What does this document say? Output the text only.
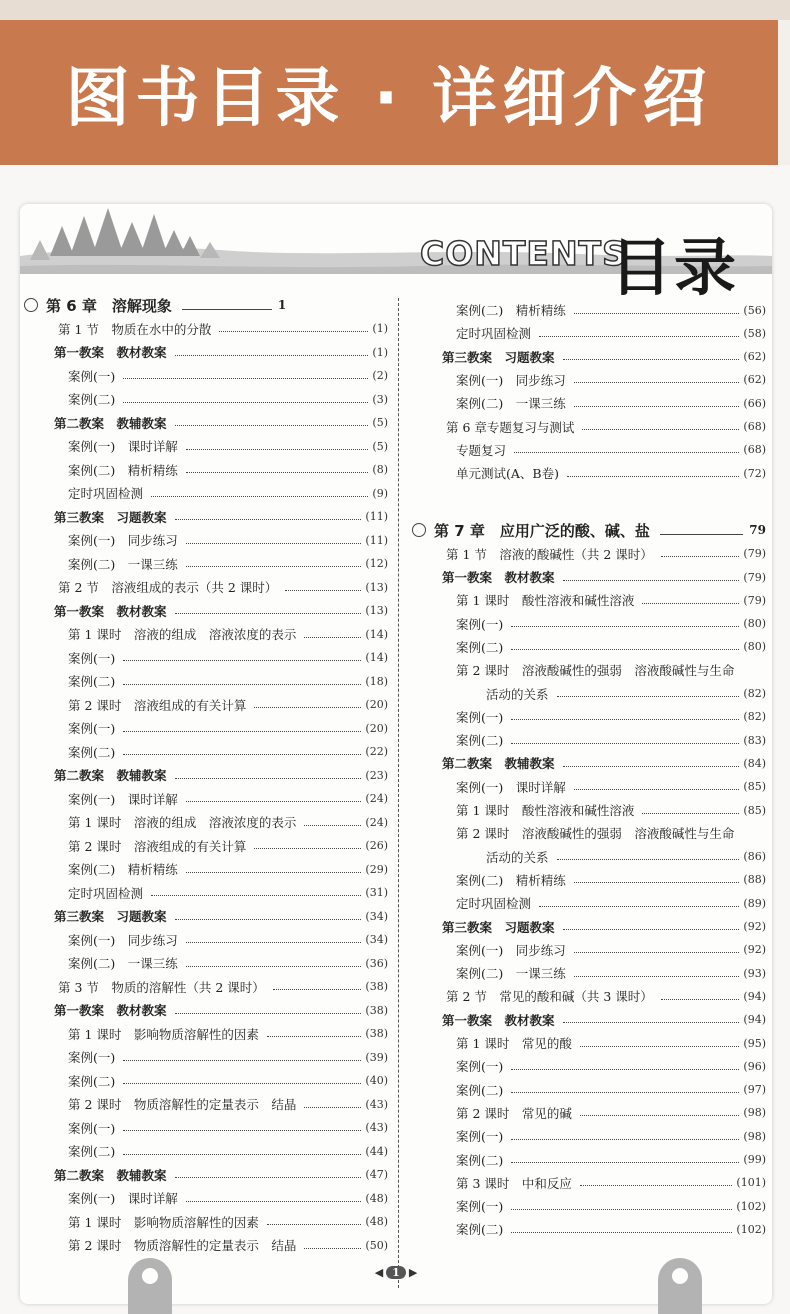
图书目录 · 详细介绍
CONTENTS
目录
第 6 章　溶解现象	1
第 1 节　物质在水中的分散	(1)
第一教案　教材教案	(1)
案例(一)	(2)
案例(二)	(3)
第二教案　教辅教案	(5)
案例(一)　课时详解	(5)
案例(二)　精析精练	(8)
定时巩固检测	(9)
第三教案　习题教案	(11)
案例(一)　同步练习	(11)
案例(二)　一课三练	(12)
第 2 节　溶液组成的表示（共 2 课时）	(13)
第一教案　教材教案	(13)
第 1 课时　溶液的组成　溶液浓度的表示	(14)
案例(一)	(14)
案例(二)	(18)
第 2 课时　溶液组成的有关计算	(20)
案例(一)	(20)
案例(二)	(22)
第二教案　教辅教案	(23)
案例(一)　课时详解	(24)
第 1 课时　溶液的组成　溶液浓度的表示	(24)
第 2 课时　溶液组成的有关计算	(26)
案例(二)　精析精练	(29)
定时巩固检测	(31)
第三教案　习题教案	(34)
案例(一)　同步练习	(34)
案例(二)　一课三练	(36)
第 3 节　物质的溶解性（共 2 课时）	(38)
第一教案　教材教案	(38)
第 1 课时　影响物质溶解性的因素	(38)
案例(一)	(39)
案例(二)	(40)
第 2 课时　物质溶解性的定量表示　结晶	(43)
案例(一)	(43)
案例(二)	(44)
第二教案　教辅教案	(47)
案例(一)　课时详解	(48)
第 1 课时　影响物质溶解性的因素	(48)
第 2 课时　物质溶解性的定量表示　结晶	(50)
案例(二)　精析精练	(56)
定时巩固检测	(58)
第三教案　习题教案	(62)
案例(一)　同步练习	(62)
案例(二)　一课三练	(66)
第 6 章专题复习与测试	(68)
专题复习	(68)
单元测试(A、B卷)	(72)
第 7 章　应用广泛的酸、碱、盐	79
第 1 节　溶液的酸碱性（共 2 课时）	(79)
第一教案　教材教案	(79)
第 1 课时　酸性溶液和碱性溶液	(79)
案例(一)	(80)
案例(二)	(80)
第 2 课时　溶液酸碱性的强弱　溶液酸碱性与生命
活动的关系	(82)
案例(一)	(82)
案例(二)	(83)
第二教案　教辅教案	(84)
案例(一)　课时详解	(85)
第 1 课时　酸性溶液和碱性溶液	(85)
第 2 课时　溶液酸碱性的强弱　溶液酸碱性与生命
活动的关系	(86)
案例(二)　精析精练	(88)
定时巩固检测	(89)
第三教案　习题教案	(92)
案例(一)　同步练习	(92)
案例(二)　一课三练	(93)
第 2 节　常见的酸和碱（共 3 课时）	(94)
第一教案　教材教案	(94)
第 1 课时　常见的酸	(95)
案例(一)	(96)
案例(二)	(97)
第 2 课时　常见的碱	(98)
案例(一)	(98)
案例(二)	(99)
第 3 课时　中和反应	(101)
案例(一)	(102)
案例(二)	(102)
◀ 1 ▶
